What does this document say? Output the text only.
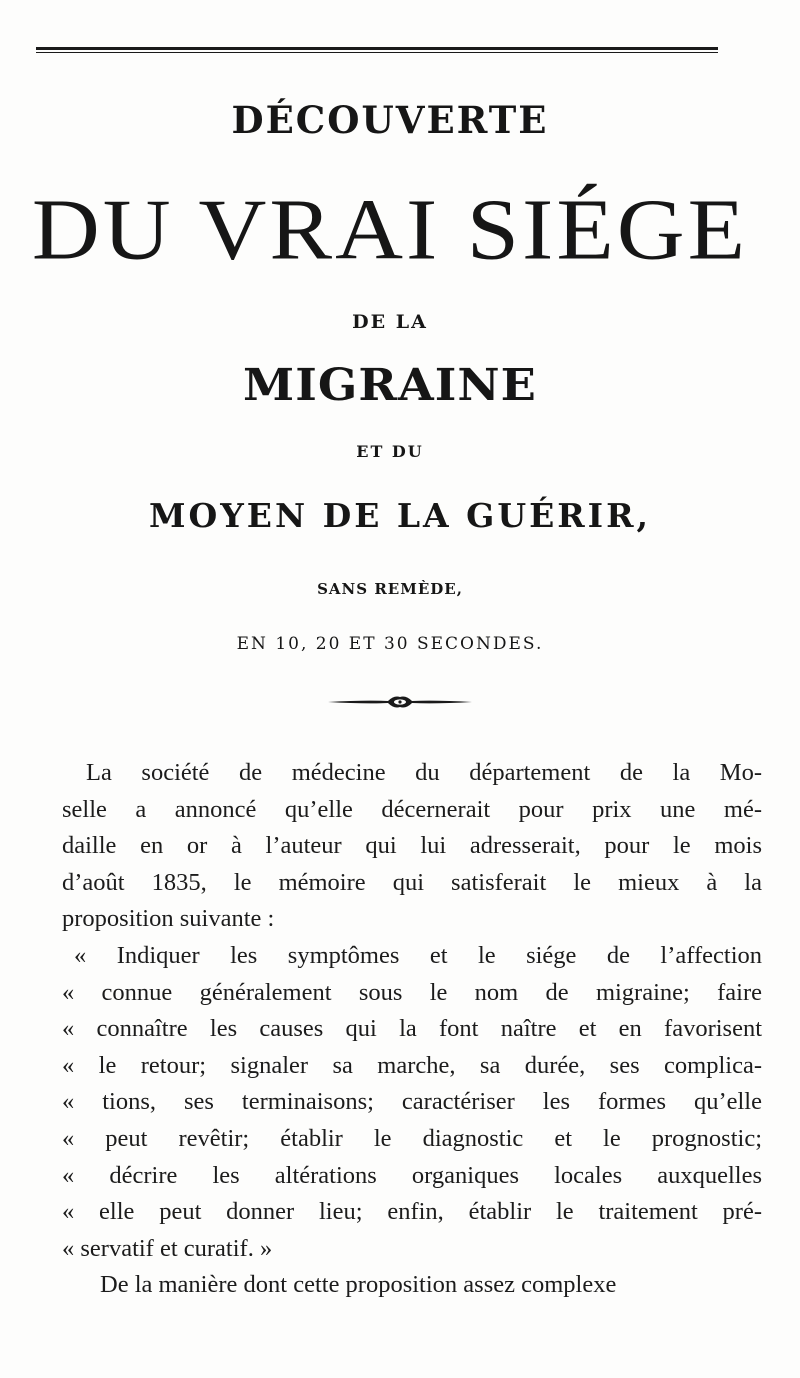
DÉCOUVERTE
DU VRAI SIÉGE
DE LA
MIGRAINE
ET DU
MOYEN DE LA GUÉRIR,
SANS REMÈDE,
EN 10, 20 ET 30 SECONDES.
La société de médecine du département de la Mo-
selle a annoncé qu’elle décernerait pour prix une mé-
daille en or à l’auteur qui lui adresserait, pour le mois
d’août 1835, le mémoire qui satisferait le mieux à la
proposition suivante :
« Indiquer les symptômes et le siége de l’affection
« connue généralement sous le nom de migraine; faire
« connaître les causes qui la font naître et en favorisent
« le retour; signaler sa marche, sa durée, ses complica-
« tions, ses terminaisons; caractériser les formes qu’elle
« peut revêtir; établir le diagnostic et le prognostic;
« décrire les altérations organiques locales auxquelles
« elle peut donner lieu; enfin, établir le traitement pré-
« servatif et curatif. »
De la manière dont cette proposition assez complexe
